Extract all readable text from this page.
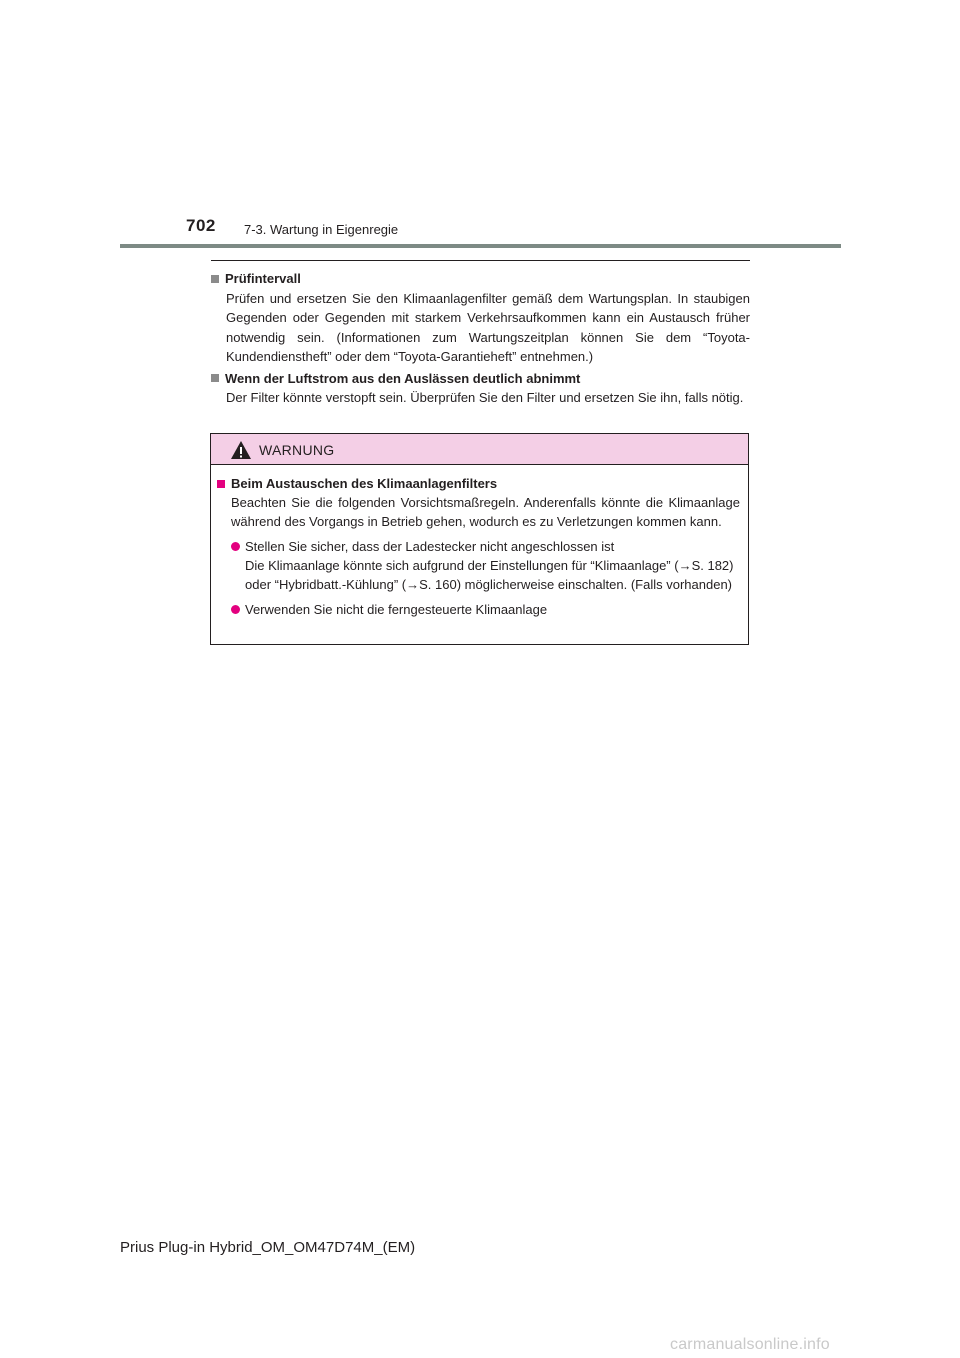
702 7-3. Wartung in Eigenregie
Prüfintervall

Prüfen und ersetzen Sie den Klimaanlagenfilter gemäß dem Wartungsplan. In staubigen Gegenden oder Gegenden mit starkem Verkehrsaufkommen kann ein Austausch früher notwendig sein. (Informationen zum Wartungszeitplan können Sie dem “Toyota-Kundendienstheft” oder dem “Toyota-Garantieheft” entnehmen.)

Wenn der Luftstrom aus den Auslässen deutlich abnimmt

Der Filter könnte verstopft sein. Überprüfen Sie den Filter und ersetzen Sie ihn, falls nötig.

WARNUNG
Beim Austauschen des Klimaanlagenfilters

Beachten Sie die folgenden Vorsichtsmaßregeln. Anderenfalls könnte die Klimaanlage während des Vorgangs in Betrieb gehen, wodurch es zu Verletzungen kommen kann.

Stellen Sie sicher, dass der Ladestecker nicht angeschlossen ist
Die Klimaanlage könnte sich aufgrund der Einstellungen für “Klimaanlage” (→S. 182)
oder “Hybridbatt.-Kühlung” (→S. 160) möglicherweise einschalten. (Falls vorhanden)
Verwenden Sie nicht die ferngesteuerte Klimaanlage
Prius Plug-in Hybrid_OM_OM47D74M_(EM)
carmanualsonline.info
